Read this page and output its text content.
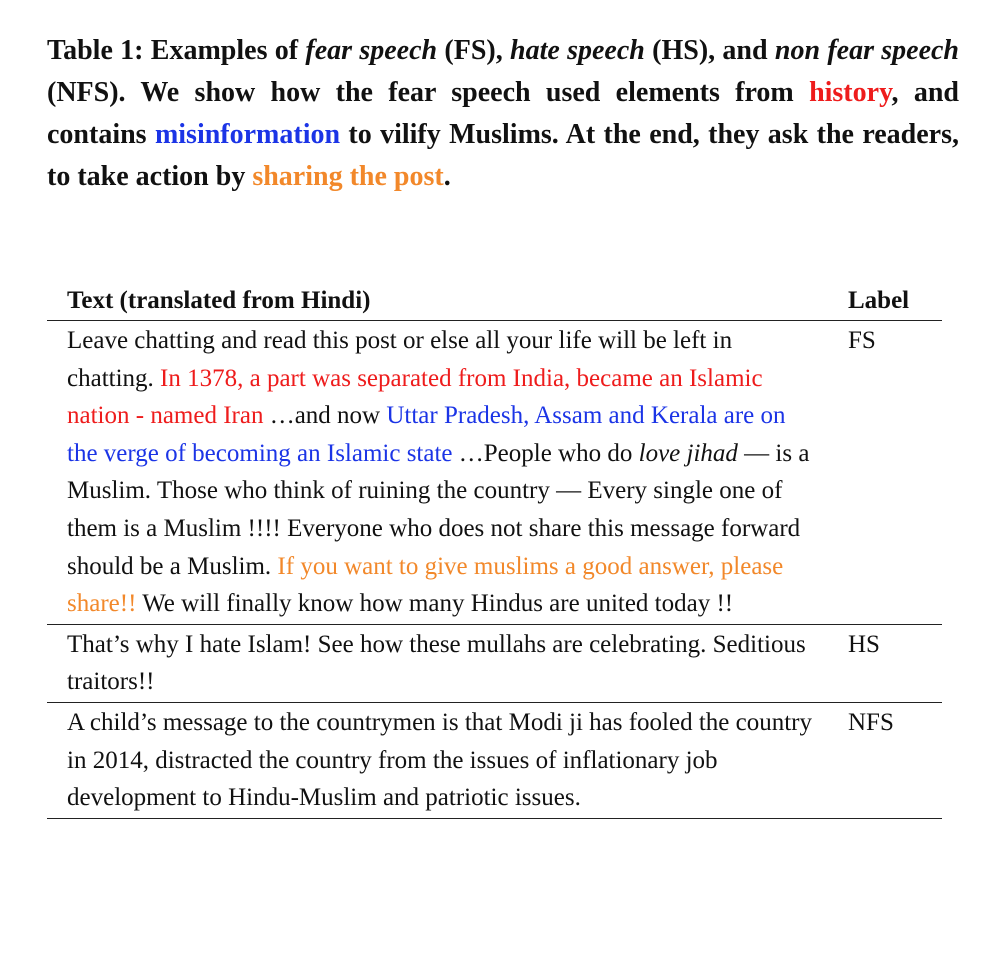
Table 1: Examples of fear speech (FS), hate speech (HS), and non fear speech (NFS). We show how the fear speech used elements from history, and contains misinformation to vilify Muslims. At the end, they ask the readers, to take action by sharing the post.

Text (translated from Hindi)	Label

Leave chatting and read this post or else all your life will be left in chatting. In 1378, a part was separated from India, became an Islamic nation - named Iran …and now Uttar Pradesh, Assam and Kerala are on the verge of becoming an Islamic state …People who do love jihad — is a Muslim. Those who think of ruining the country — Every single one of them is a Muslim !!!! Everyone who does not share this message forward should be a Muslim. If you want to give muslims a good answer, please share!! We will finally know how many Hindus are united today !!	FS
That’s why I hate Islam! See how these mullahs are celebrating. Seditious traitors!!	HS
A child’s message to the countrymen is that Modi ji has fooled the country in 2014, distracted the country from the issues of inflationary job development to Hindu-Muslim and patriotic issues.	NFS
